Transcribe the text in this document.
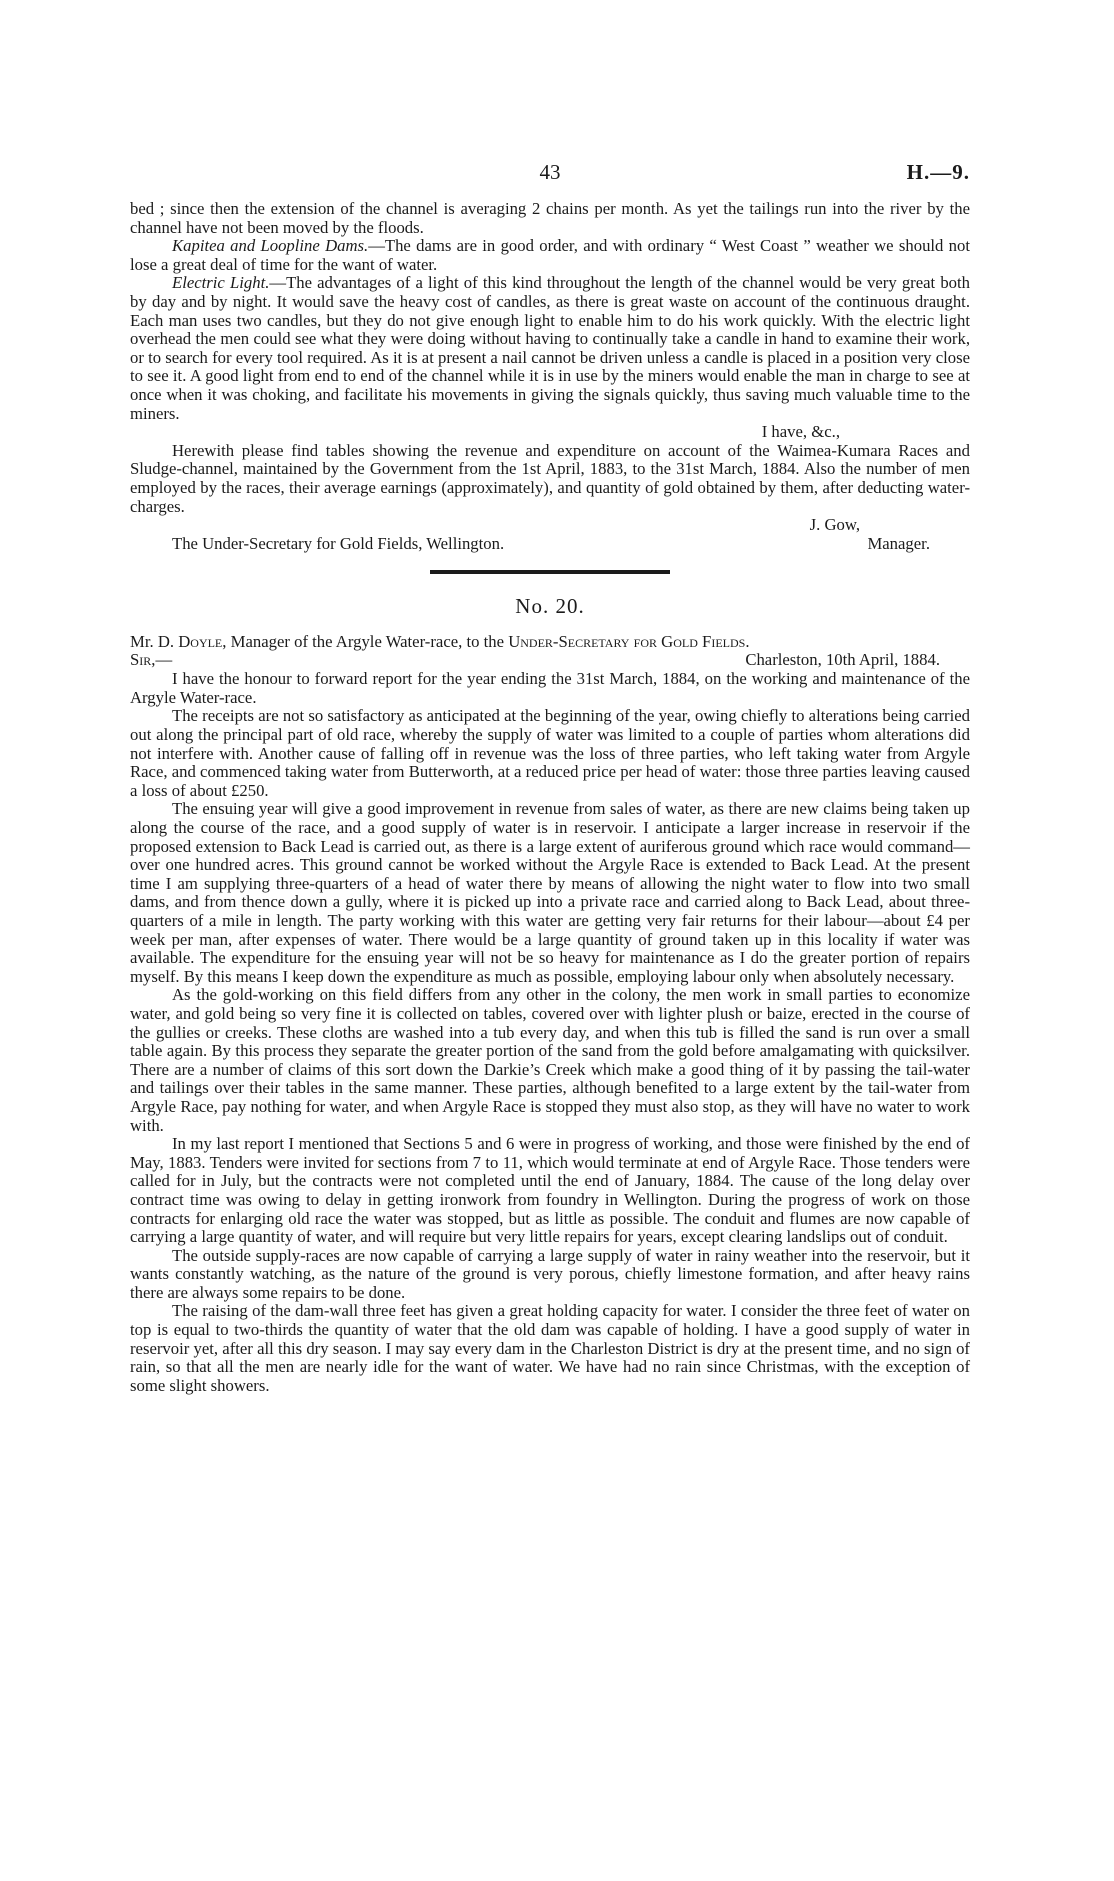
43	H.—9.

bed ; since then the extension of the channel is averaging 2 chains per month. As yet the tailings run into the river by the channel have not been moved by the floods.

Kapitea and Loopline Dams.—The dams are in good order, and with ordinary “ West Coast ” weather we should not lose a great deal of time for the want of water.

Electric Light.—The advantages of a light of this kind throughout the length of the channel would be very great both by day and by night. It would save the heavy cost of candles, as there is great waste on account of the continuous draught. Each man uses two candles, but they do not give enough light to enable him to do his work quickly. With the electric light overhead the men could see what they were doing without having to continually take a candle in hand to examine their work, or to search for every tool required. As it is at present a nail cannot be driven unless a candle is placed in a position very close to see it. A good light from end to end of the channel while it is in use by the miners would enable the man in charge to see at once when it was choking, and facilitate his movements in giving the signals quickly, thus saving much valuable time to the miners.

I have, &c.,

Herewith please find tables showing the revenue and expenditure on account of the Waimea-Kumara Races and Sludge-channel, maintained by the Government from the 1st April, 1883, to the 31st March, 1884. Also the number of men employed by the races, their average earnings (approximately), and quantity of gold obtained by them, after deducting water-charges.

J. Gow,
The Under-Secretary for Gold Fields, Wellington.	Manager.
No. 20.
Mr. D. Doyle, Manager of the Argyle Water-race, to the Under-Secretary for Gold Fields.
Sir,—	Charleston, 10th April, 1884.

I have the honour to forward report for the year ending the 31st March, 1884, on the working and maintenance of the Argyle Water-race.

The receipts are not so satisfactory as anticipated at the beginning of the year, owing chiefly to alterations being carried out along the principal part of old race, whereby the supply of water was limited to a couple of parties whom alterations did not interfere with. Another cause of falling off in revenue was the loss of three parties, who left taking water from Argyle Race, and commenced taking water from Butterworth, at a reduced price per head of water: those three parties leaving caused a loss of about £250.

The ensuing year will give a good improvement in revenue from sales of water, as there are new claims being taken up along the course of the race, and a good supply of water is in reservoir. I anticipate a larger increase in reservoir if the proposed extension to Back Lead is carried out, as there is a large extent of auriferous ground which race would command—over one hundred acres. This ground cannot be worked without the Argyle Race is extended to Back Lead. At the present time I am supplying three-quarters of a head of water there by means of allowing the night water to flow into two small dams, and from thence down a gully, where it is picked up into a private race and carried along to Back Lead, about three-quarters of a mile in length. The party working with this water are getting very fair returns for their labour—about £4 per week per man, after expenses of water. There would be a large quantity of ground taken up in this locality if water was available. The expenditure for the ensuing year will not be so heavy for maintenance as I do the greater portion of repairs myself. By this means I keep down the expenditure as much as possible, employing labour only when absolutely necessary.

As the gold-working on this field differs from any other in the colony, the men work in small parties to economize water, and gold being so very fine it is collected on tables, covered over with lighter plush or baize, erected in the course of the gullies or creeks. These cloths are washed into a tub every day, and when this tub is filled the sand is run over a small table again. By this process they separate the greater portion of the sand from the gold before amalgamating with quicksilver. There are a number of claims of this sort down the Darkie’s Creek which make a good thing of it by passing the tail-water and tailings over their tables in the same manner. These parties, although benefited to a large extent by the tail-water from Argyle Race, pay nothing for water, and when Argyle Race is stopped they must also stop, as they will have no water to work with.

In my last report I mentioned that Sections 5 and 6 were in progress of working, and those were finished by the end of May, 1883. Tenders were invited for sections from 7 to 11, which would terminate at end of Argyle Race. Those tenders were called for in July, but the contracts were not completed until the end of January, 1884. The cause of the long delay over contract time was owing to delay in getting ironwork from foundry in Wellington. During the progress of work on those contracts for enlarging old race the water was stopped, but as little as possible. The conduit and flumes are now capable of carrying a large quantity of water, and will require but very little repairs for years, except clearing landslips out of conduit.

The outside supply-races are now capable of carrying a large supply of water in rainy weather into the reservoir, but it wants constantly watching, as the nature of the ground is very porous, chiefly limestone formation, and after heavy rains there are always some repairs to be done.

The raising of the dam-wall three feet has given a great holding capacity for water. I consider the three feet of water on top is equal to two-thirds the quantity of water that the old dam was capable of holding. I have a good supply of water in reservoir yet, after all this dry season. I may say every dam in the Charleston District is dry at the present time, and no sign of rain, so that all the men are nearly idle for the want of water. We have had no rain since Christmas, with the exception of some slight showers.
